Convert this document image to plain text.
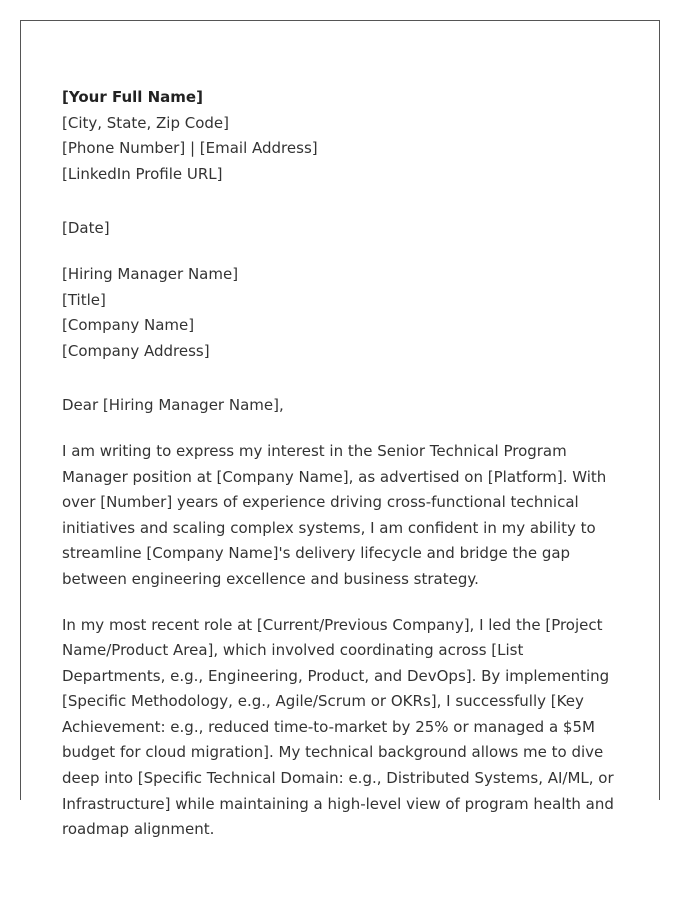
[Your Full Name]
[City, State, Zip Code]
[Phone Number] | [Email Address]
[LinkedIn Profile URL]
[Date]
[Hiring Manager Name]
[Title]
[Company Name]
[Company Address]
Dear [Hiring Manager Name],

I am writing to express my interest in the Senior Technical Program Manager position at [Company Name], as advertised on [Platform]. With over [Number] years of experience driving cross-functional technical initiatives and scaling complex systems, I am confident in my ability to streamline [Company Name]'s delivery lifecycle and bridge the gap between engineering excellence and business strategy.

In my most recent role at [Current/Previous Company], I led the [Project Name/Product Area], which involved coordinating across [List Departments, e.g., Engineering, Product, and DevOps]. By implementing [Specific Methodology, e.g., Agile/Scrum or OKRs], I successfully [Key Achievement: e.g., reduced time-to-market by 25% or managed a $5M budget for cloud migration]. My technical background allows me to dive deep into [Specific Technical Domain: e.g., Distributed Systems, AI/ML, or Infrastructure] while maintaining a high-level view of program health and roadmap alignment.
